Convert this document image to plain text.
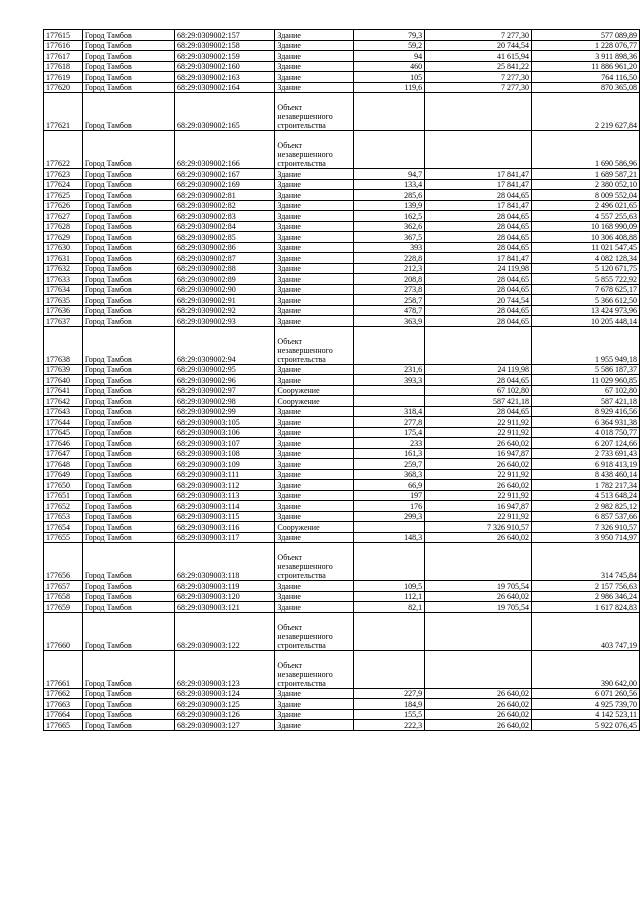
177615	Город Тамбов	68:29:0309002:157	Здание	79,3	7 277,30	577 089,89
177616	Город Тамбов	68:29:0309002:158	Здание	59,2	20 744,54	1 228 076,77
177617	Город Тамбов	68:29:0309002:159	Здание	94	41 615,94	3 911 898,36
177618	Город Тамбов	68:29:0309002:160	Здание	460	25 841,22	11 886 961,20
177619	Город Тамбов	68:29:0309002:163	Здание	105	7 277,30	764 116,50
177620	Город Тамбов	68:29:0309002:164	Здание	119,6	7 277,30	870 365,08
177621	Город Тамбов	68:29:0309002:165	Объект незавершенного строительства			2 219 627,84
177622	Город Тамбов	68:29:0309002:166	Объект незавершенного строительства			1 690 586,96
177623	Город Тамбов	68:29:0309002:167	Здание	94,7	17 841,47	1 689 587,21
177624	Город Тамбов	68:29:0309002:169	Здание	133,4	17 841,47	2 380 052,10
177625	Город Тамбов	68:29:0309002:81	Здание	285,6	28 044,65	8 009 552,04
177626	Город Тамбов	68:29:0309002:82	Здание	139,9	17 841,47	2 496 021,65
177627	Город Тамбов	68:29:0309002:83	Здание	162,5	28 044,65	4 557 255,63
177628	Город Тамбов	68:29:0309002:84	Здание	362,6	28 044,65	10 168 990,09
177629	Город Тамбов	68:29:0309002:85	Здание	367,5	28 044,65	10 306 408,88
177630	Город Тамбов	68:29:0309002:86	Здание	393	28 044,65	11 021 547,45
177631	Город Тамбов	68:29:0309002:87	Здание	228,8	17 841,47	4 082 128,34
177632	Город Тамбов	68:29:0309002:88	Здание	212,3	24 119,98	5 120 671,75
177633	Город Тамбов	68:29:0309002:89	Здание	208,8	28 044,65	5 855 722,92
177634	Город Тамбов	68:29:0309002:90	Здание	273,8	28 044,65	7 678 625,17
177635	Город Тамбов	68:29:0309002:91	Здание	258,7	20 744,54	5 366 612,50
177636	Город Тамбов	68:29:0309002:92	Здание	478,7	28 044,65	13 424 973,96
177637	Город Тамбов	68:29:0309002:93	Здание	363,9	28 044,65	10 205 448,14
177638	Город Тамбов	68:29:0309002:94	Объект незавершенного строительства			1 955 949,18
177639	Город Тамбов	68:29:0309002:95	Здание	231,6	24 119,98	5 586 187,37
177640	Город Тамбов	68:29:0309002:96	Здание	393,3	28 044,65	11 029 960,85
177641	Город Тамбов	68:29:0309002:97	Сооружение		67 102,80	67 102,80
177642	Город Тамбов	68:29:0309002:98	Сооружение		587 421,18	587 421,18
177643	Город Тамбов	68:29:0309002:99	Здание	318,4	28 044,65	8 929 416,56
177644	Город Тамбов	68:29:0309003:105	Здание	277,8	22 911,92	6 364 931,38
177645	Город Тамбов	68:29:0309003:106	Здание	175,4	22 911,92	4 018 750,77
177646	Город Тамбов	68:29:0309003:107	Здание	233	26 640,02	6 207 124,66
177647	Город Тамбов	68:29:0309003:108	Здание	161,3	16 947,87	2 733 691,43
177648	Город Тамбов	68:29:0309003:109	Здание	259,7	26 640,02	6 918 413,19
177649	Город Тамбов	68:29:0309003:111	Здание	368,3	22 911,92	8 438 460,14
177650	Город Тамбов	68:29:0309003:112	Здание	66,9	26 640,02	1 782 217,34
177651	Город Тамбов	68:29:0309003:113	Здание	197	22 911,92	4 513 648,24
177652	Город Тамбов	68:29:0309003:114	Здание	176	16 947,87	2 982 825,12
177653	Город Тамбов	68:29:0309003:115	Здание	299,3	22 911,92	6 857 537,66
177654	Город Тамбов	68:29:0309003:116	Сооружение		7 326 910,57	7 326 910,57
177655	Город Тамбов	68:29:0309003:117	Здание	148,3	26 640,02	3 950 714,97
177656	Город Тамбов	68:29:0309003:118	Объект незавершенного строительства			314 745,84
177657	Город Тамбов	68:29:0309003:119	Здание	109,5	19 705,54	2 157 756,63
177658	Город Тамбов	68:29:0309003:120	Здание	112,1	26 640,02	2 986 346,24
177659	Город Тамбов	68:29:0309003:121	Здание	82,1	19 705,54	1 617 824,83
177660	Город Тамбов	68:29:0309003:122	Объект незавершенного строительства			403 747,19
177661	Город Тамбов	68:29:0309003:123	Объект незавершенного строительства			390 642,00
177662	Город Тамбов	68:29:0309003:124	Здание	227,9	26 640,02	6 071 260,56
177663	Город Тамбов	68:29:0309003:125	Здание	184,9	26 640,02	4 925 739,70
177664	Город Тамбов	68:29:0309003:126	Здание	155,5	26 640,02	4 142 523,11
177665	Город Тамбов	68:29:0309003:127	Здание	222,3	26 640,02	5 922 076,45
